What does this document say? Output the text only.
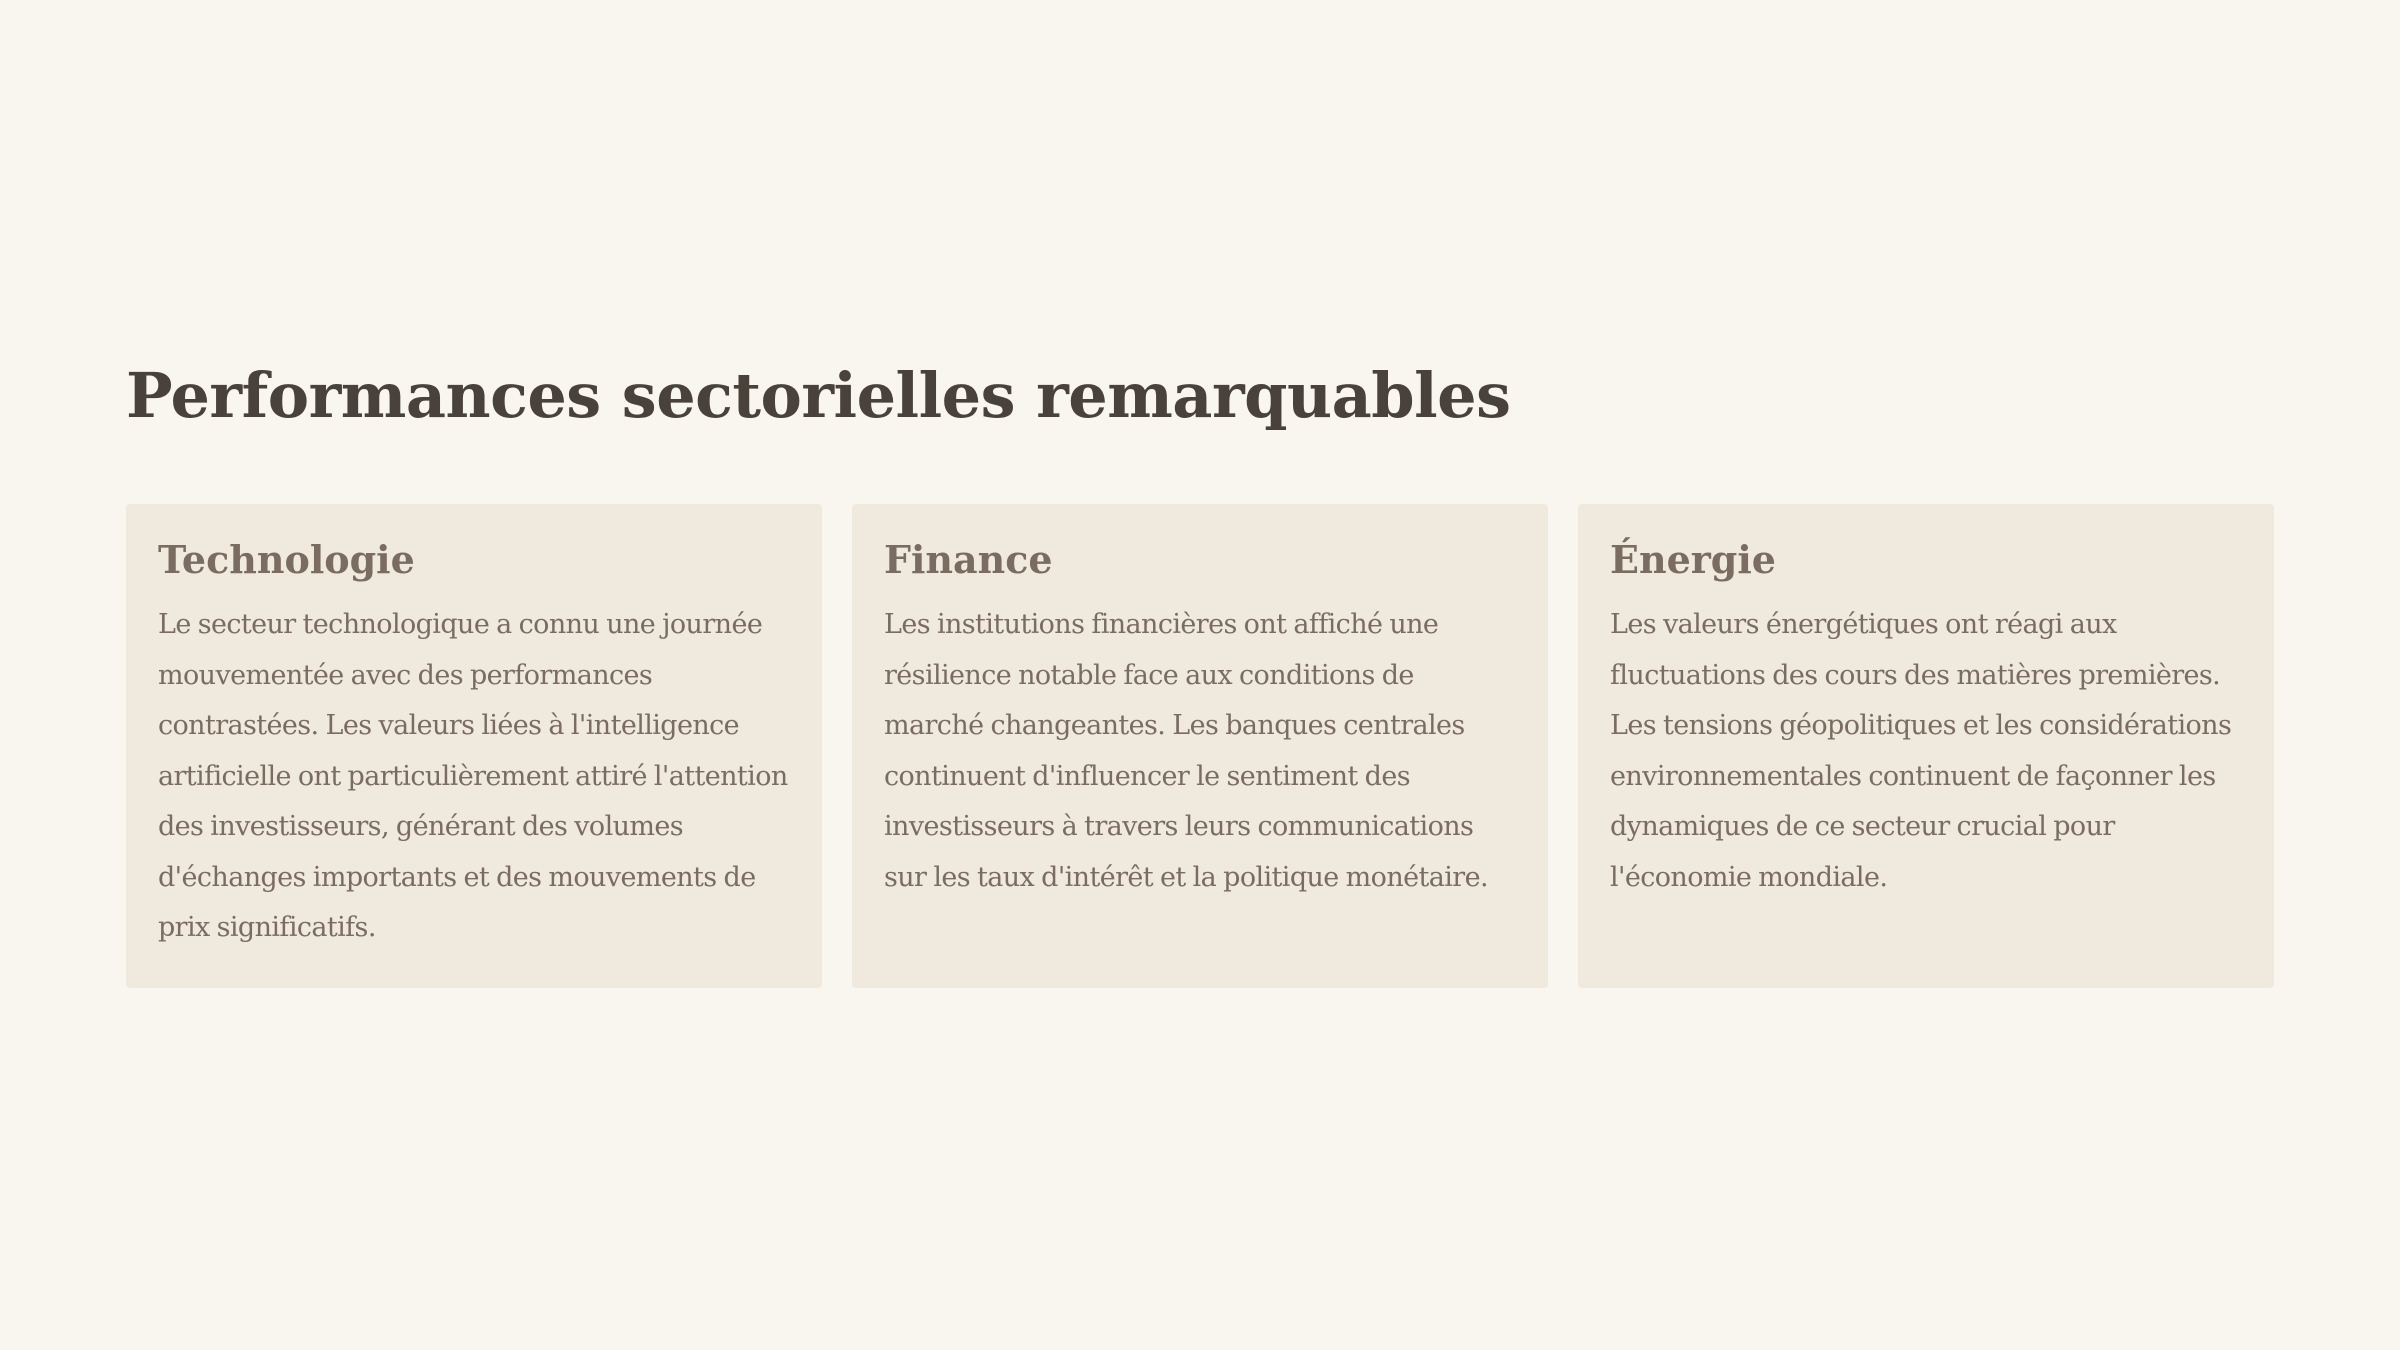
Performances sectorielles remarquables
Technologie

Le secteur technologique a connu une journée mouvementée avec des performances contrastées. Les valeurs liées à l'intelligence artificielle ont particulièrement attiré l'attention des investisseurs, générant des volumes d'échanges importants et des mouvements de prix significatifs.

Finance

Les institutions financières ont affiché une résilience notable face aux conditions de marché changeantes. Les banques centrales continuent d'influencer le sentiment des investisseurs à travers leurs communications sur les taux d'intérêt et la politique monétaire.

Énergie

Les valeurs énergétiques ont réagi aux fluctuations des cours des matières premières. Les tensions géopolitiques et les considérations environnementales continuent de façonner les dynamiques de ce secteur crucial pour l'économie mondiale.
